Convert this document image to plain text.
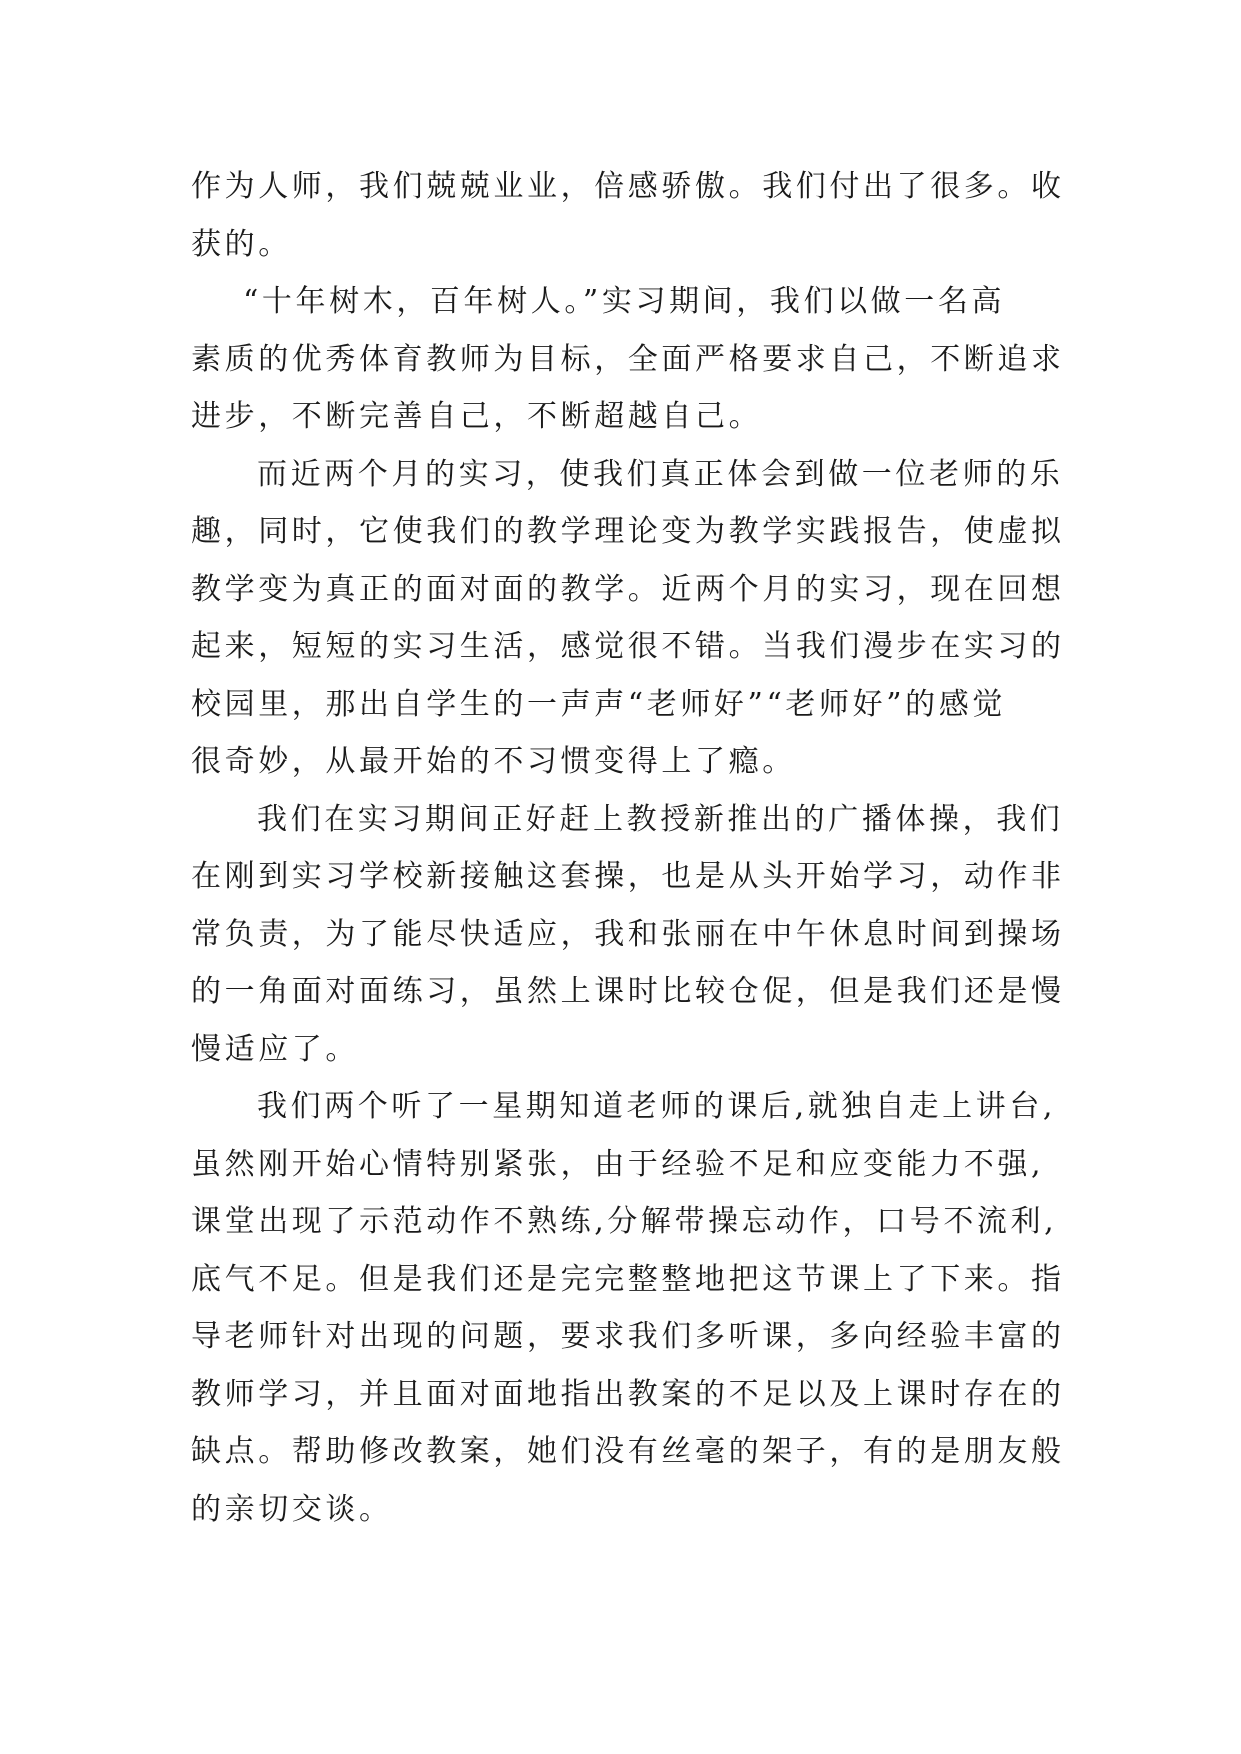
作为人师，我们兢兢业业，倍感骄傲。我们付出了很多。收
获的。
“十年树木，百年树人。”实习期间，我们以做一名高
素质的优秀体育教师为目标，全面严格要求自己，不断追求
进步，不断完善自己，不断超越自己。
而近两个月的实习，使我们真正体会到做一位老师的乐
趣，同时，它使我们的教学理论变为教学实践报告，使虚拟
教学变为真正的面对面的教学。近两个月的实习，现在回想
起来，短短的实习生活，感觉很不错。当我们漫步在实习的
校园里，那出自学生的一声声“老师好”“老师好”的感觉
很奇妙，从最开始的不习惯变得上了瘾。
我们在实习期间正好赶上教授新推出的广播体操，我们
在刚到实习学校新接触这套操，也是从头开始学习，动作非
常负责，为了能尽快适应，我和张丽在中午休息时间到操场
的一角面对面练习，虽然上课时比较仓促，但是我们还是慢
慢适应了。
我们两个听了一星期知道老师的课后,就独自走上讲台,
虽然刚开始心情特别紧张，由于经验不足和应变能力不强,
课堂出现了示范动作不熟练,分解带操忘动作，口号不流利,
底气不足。但是我们还是完完整整地把这节课上了下来。指
导老师针对出现的问题，要求我们多听课，多向经验丰富的
教师学习，并且面对面地指出教案的不足以及上课时存在的
缺点。帮助修改教案，她们没有丝毫的架子，有的是朋友般
的亲切交谈。
